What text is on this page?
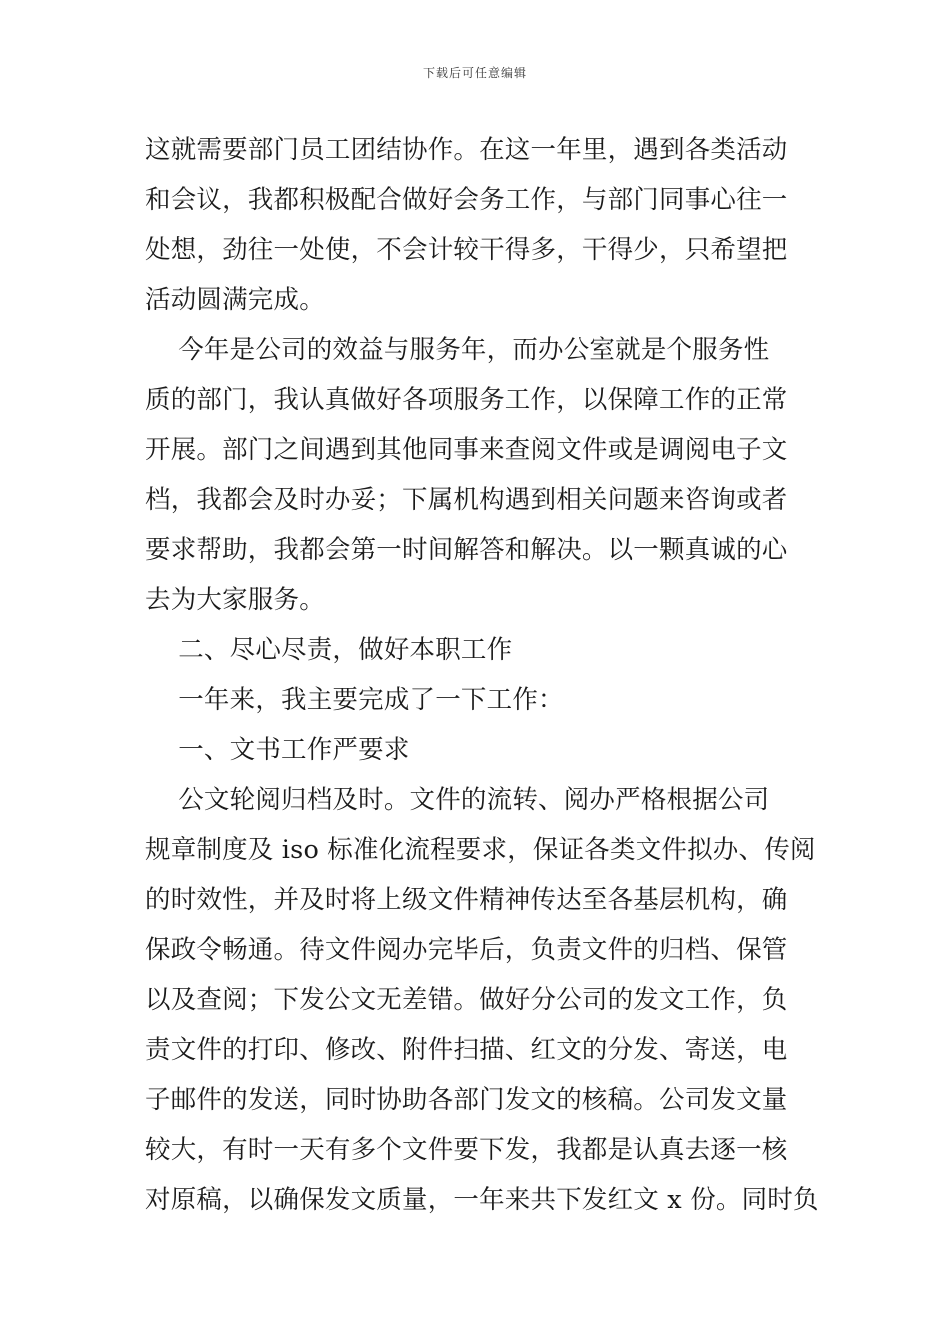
下载后可任意编辑
这就需要部门员工团结协作。在这一年里，遇到各类活动
和会议，我都积极配合做好会务工作，与部门同事心往一
处想，劲往一处使，不会计较干得多，干得少，只希望把
活动圆满完成。
今年是公司的效益与服务年，而办公室就是个服务性
质的部门，我认真做好各项服务工作，以保障工作的正常
开展。部门之间遇到其他同事来查阅文件或是调阅电子文
档，我都会及时办妥；下属机构遇到相关问题来咨询或者
要求帮助，我都会第一时间解答和解决。以一颗真诚的心
去为大家服务。
二、尽心尽责，做好本职工作
一年来，我主要完成了一下工作：
一、文书工作严要求
公文轮阅归档及时。文件的流转、阅办严格根据公司
规章制度及 iso 标准化流程要求，保证各类文件拟办、传阅
的时效性，并及时将上级文件精神传达至各基层机构，确
保政令畅通。待文件阅办完毕后，负责文件的归档、保管
以及查阅；下发公文无差错。做好分公司的发文工作，负
责文件的打印、修改、附件扫描、红文的分发、寄送，电
子邮件的发送，同时协助各部门发文的核稿。公司发文量
较大，有时一天有多个文件要下发，我都是认真去逐一核
对原稿，以确保发文质量，一年来共下发红文 x 份。同时负
